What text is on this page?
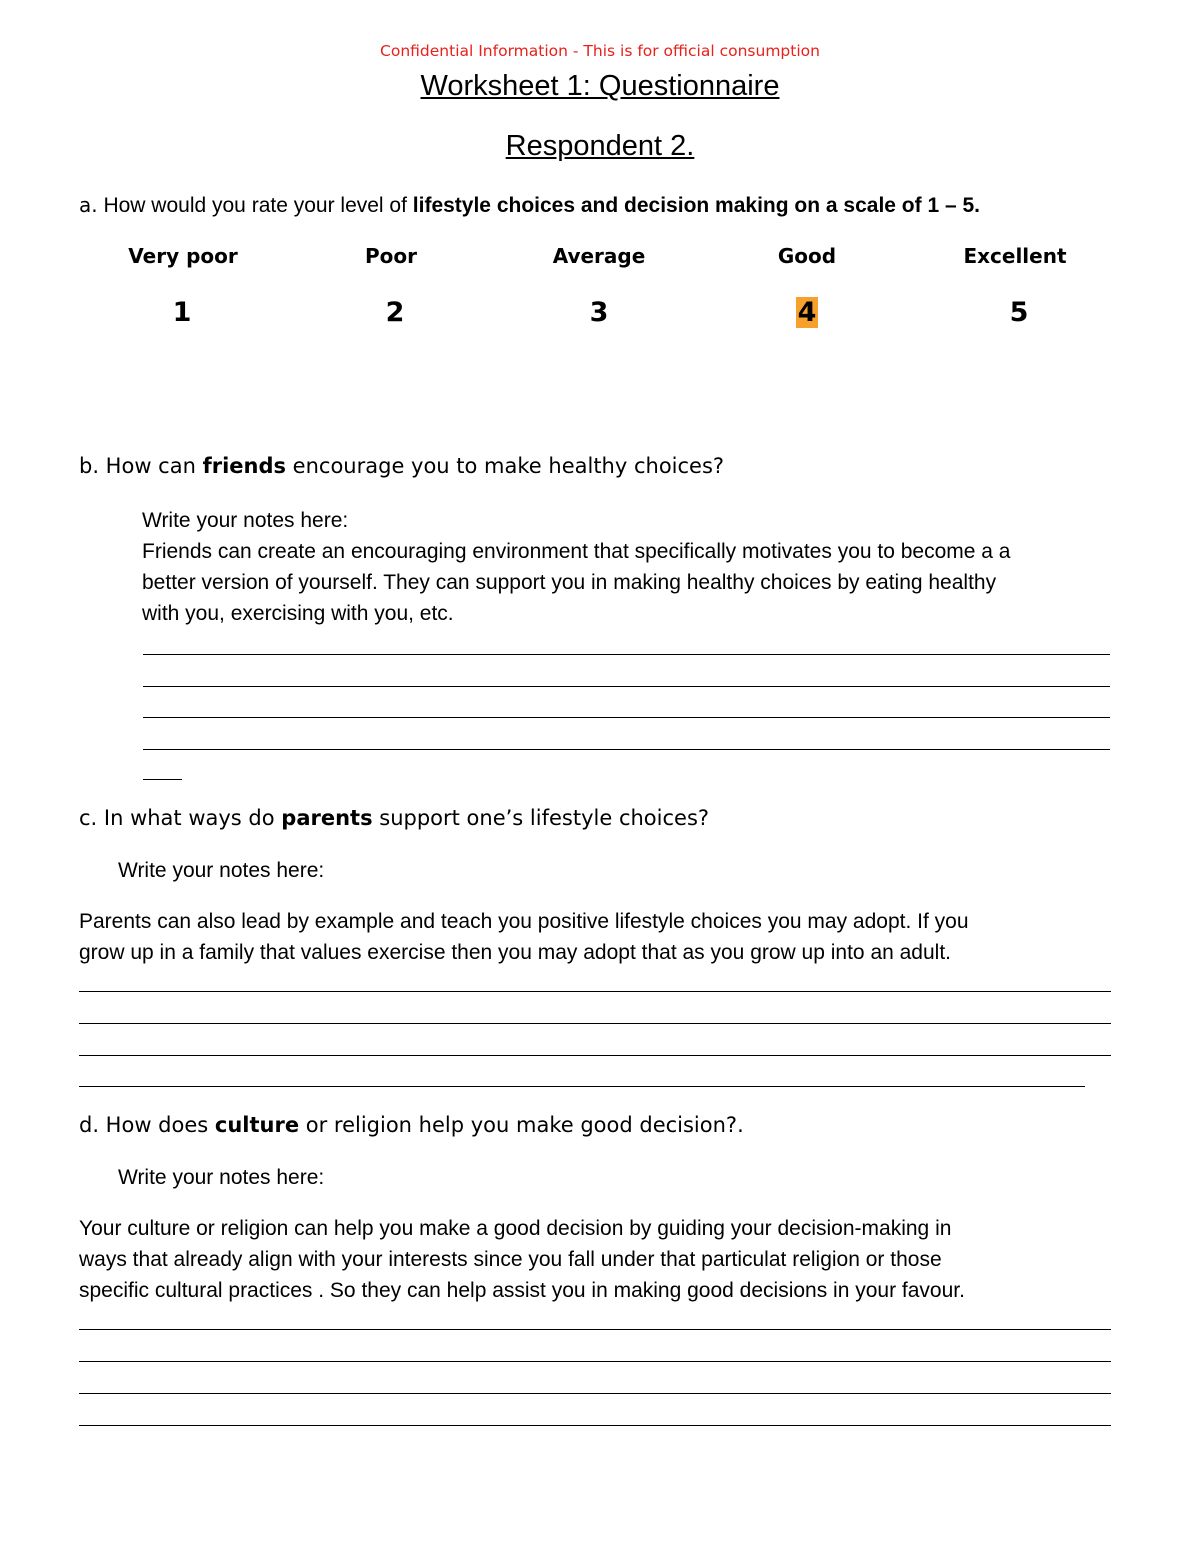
Confidential Information - This is for official consumption
Worksheet 1: Questionnaire
Respondent 2.
a. How would you rate your level of lifestyle choices and decision making on a scale of 1 – 5.
Very poor	Poor	Average	Good	Excellent
1	2	3	4	5
b. How can friends encourage you to make healthy choices?
Write your notes here:
Friends can create an encouraging environment that specifically motivates you to become a a
better version of yourself. They can support you in making healthy choices by eating healthy
with you, exercising with you, etc.
c. In what ways do parents support one’s lifestyle choices?
Write your notes here:
Parents can also lead by example and teach you positive lifestyle choices you may adopt. If you
grow up in a family that values exercise then you may adopt that as you grow up into an adult.
d. How does culture or religion help you make good decision?.
Write your notes here:
Your culture or religion can help you make a good decision by guiding your decision-making in
ways that already align with your interests since you fall under that particulat religion or those
specific cultural practices . So they can help assist you in making good decisions in your favour.
